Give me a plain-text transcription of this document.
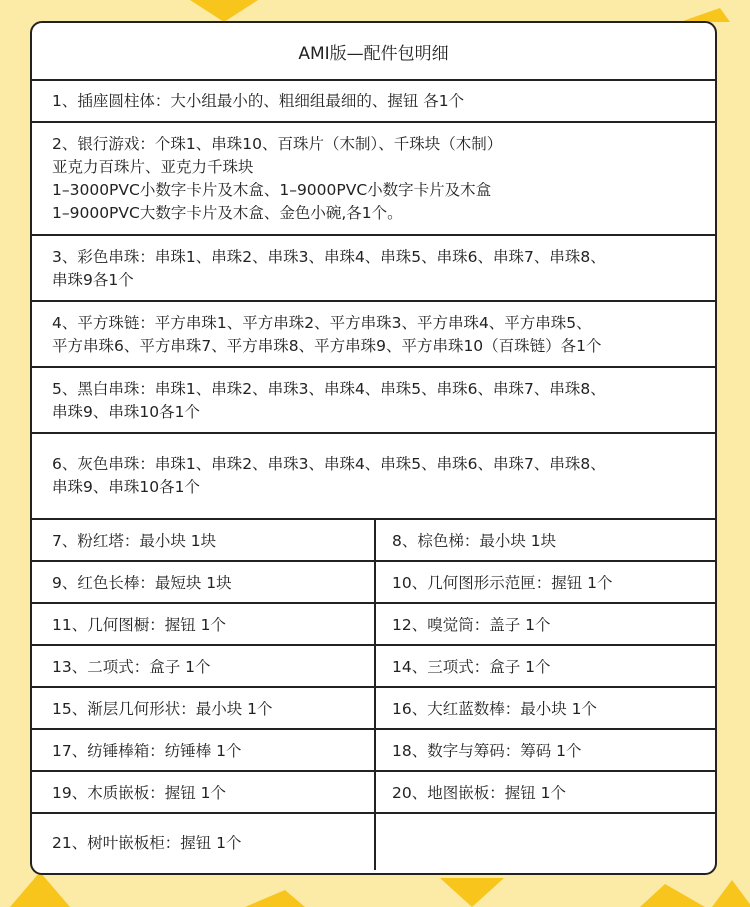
AMI版—配件包明细
1、插座圆柱体：大小组最小的、粗细组最细的、握钮 各1个
2、银行游戏：个珠1、串珠10、百珠片（木制）、千珠块（木制）
亚克力百珠片、亚克力千珠块
1–3000PVC小数字卡片及木盒、1–9000PVC小数字卡片及木盒
1–9000PVC大数字卡片及木盒、金色小碗,各1个。
3、彩色串珠：串珠1、串珠2、串珠3、串珠4、串珠5、串珠6、串珠7、串珠8、
串珠9各1个
4、平方珠链：平方串珠1、平方串珠2、平方串珠3、平方串珠4、平方串珠5、
平方串珠6、平方串珠7、平方串珠8、平方串珠9、平方串珠10（百珠链）各1个
5、黑白串珠：串珠1、串珠2、串珠3、串珠4、串珠5、串珠6、串珠7、串珠8、
串珠9、串珠10各1个
6、灰色串珠：串珠1、串珠2、串珠3、串珠4、串珠5、串珠6、串珠7、串珠8、
串珠9、串珠10各1个
7、粉红塔：最小块 1块	8、棕色梯：最小块 1块
9、红色长棒：最短块 1块	10、几何图形示范匣：握钮 1个
11、几何图橱：握钮 1个	12、嗅觉筒：盖子 1个
13、二项式：盒子 1个	14、三项式：盒子 1个
15、渐层几何形状：最小块 1个	16、大红蓝数棒：最小块 1个
17、纺锤棒箱：纺锤棒 1个	18、数字与筹码：筹码 1个
19、木质嵌板：握钮 1个	20、地图嵌板：握钮 1个
21、树叶嵌板柜：握钮 1个
